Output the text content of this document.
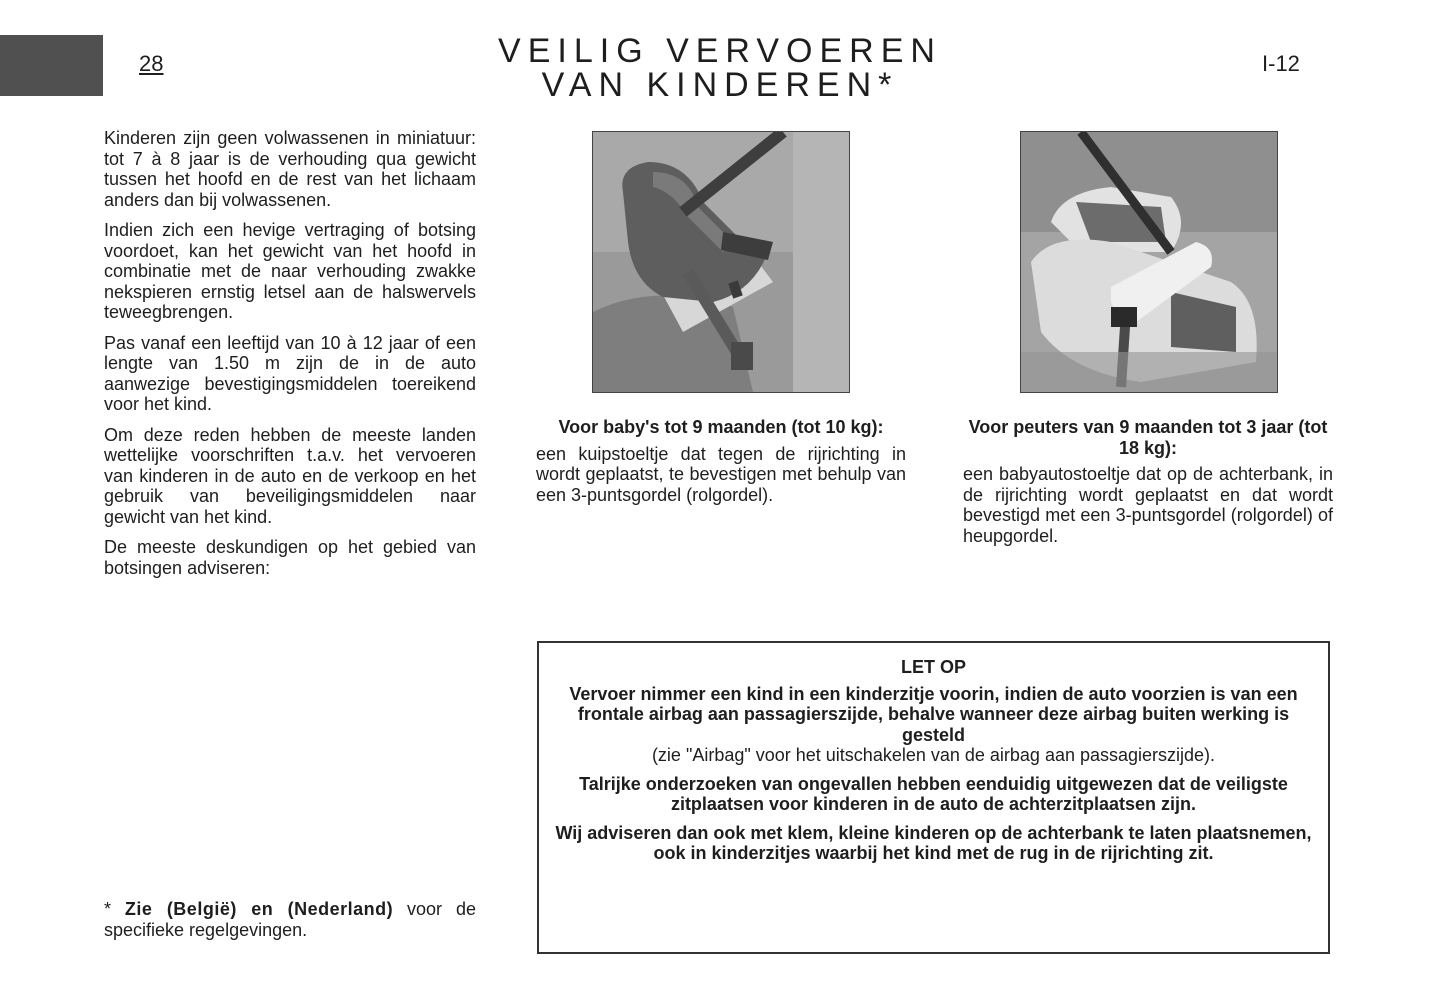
28	VEILIG VERVOEREN
VAN KINDEREN*
I-12

Kinderen zijn geen volwassenen in miniatuur: tot 7 à 8 jaar is de verhouding qua gewicht tussen het hoofd en de rest van het lichaam anders dan bij volwassenen.

Indien zich een hevige vertraging of botsing voordoet, kan het gewicht van het hoofd in combinatie met de naar verhouding zwakke nekspieren ernstig letsel aan de halswervels teweegbrengen.

Pas vanaf een leeftijd van 10 à 12 jaar of een lengte van 1.50 m zijn de in de auto aanwezige bevestigingsmiddelen toereikend voor het kind.

Om deze reden hebben de meeste landen wettelijke voorschriften t.a.v. het vervoeren van kinderen in de auto en de verkoop en het gebruik van beveiligingsmiddelen naar gewicht van het kind.

De meeste deskundigen op het gebied van botsingen adviseren:

* Zie (België) en (Nederland) voor de specifieke regelgevingen.

Voor baby's tot 9 maanden (tot 10 kg):

een kuipstoeltje dat tegen de rijrichting in wordt geplaatst, te bevestigen met behulp van een 3-puntsgordel (rolgordel).

Voor peuters van 9 maanden tot 3 jaar (tot 18 kg):

een babyautostoeltje dat op de achterbank, in de rijrichting wordt geplaatst en dat wordt bevestigd met een 3-puntsgordel (rolgordel) of heupgordel.

LET OP

Vervoer nimmer een kind in een kinderzitje voorin, indien de auto voorzien is van een frontale airbag aan passagierszijde, behalve wanneer deze airbag buiten werking is gesteld

(zie "Airbag" voor het uitschakelen van de airbag aan passagierszijde).

Talrijke onderzoeken van ongevallen hebben eenduidig uitgewezen dat de veiligste zitplaatsen voor kinderen in de auto de achterzitplaatsen zijn.

Wij adviseren dan ook met klem, kleine kinderen op de achterbank te laten plaatsnemen, ook in kinderzitjes waarbij het kind met de rug in de rijrichting zit.
